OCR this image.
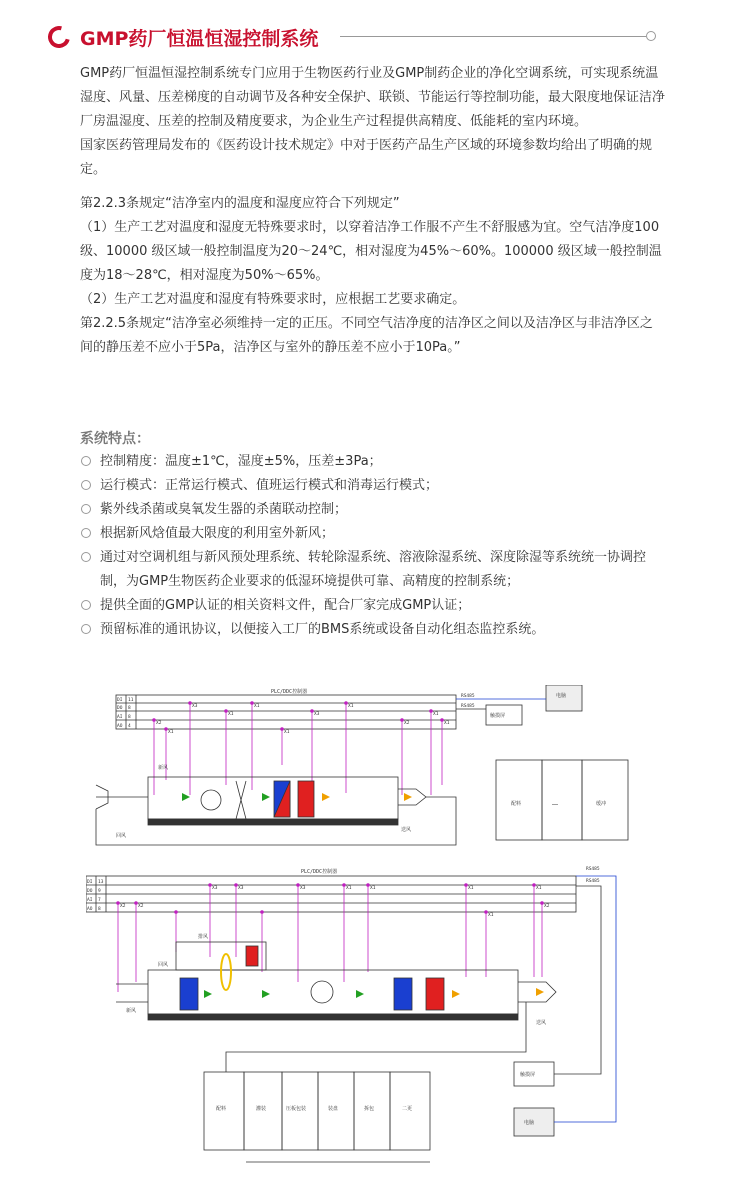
GMP药厂恒温恒湿控制系统

GMP药厂恒温恒湿控制系统专门应用于生物医药行业及GMP制药企业的净化空调系统，可实现系统温湿度、风量、压差梯度的自动调节及各种安全保护、联锁、节能运行等控制功能，最大限度地保证洁净厂房温湿度、压差的控制及精度要求，为企业生产过程提供高精度、低能耗的室内环境。

国家医药管理局发布的《医药设计技术规定》中对于医药产品生产区域的环境参数均给出了明确的规定。

第2.2.3条规定“洁净室内的温度和湿度应符合下列规定”

（1）生产工艺对温度和湿度无特殊要求时，以穿着洁净工作服不产生不舒服感为宜。空气洁净度100级、10000 级区域一般控制温度为20～24℃，相对湿度为45%～60%。100000 级区域一般控制温度为18～28℃，相对湿度为50%～65%。

（2）生产工艺对温度和湿度有特殊要求时，应根据工艺要求确定。

第2.2.5条规定“洁净室必须维持一定的正压。不同空气洁净度的洁净区之间以及洁净区与非洁净区之间的静压差不应小于5Pa，洁净区与室外的静压差不应小于10Pa。”

系统特点：
控制精度：温度±1℃，湿度±5%，压差±3Pa；
运行模式：正常运行模式、值班运行模式和消毒运行模式；
紫外线杀菌或臭氧发生器的杀菌联动控制；
根据新风焓值最大限度的利用室外新风；
通过对空调机组与新风预处理系统、转轮除湿系统、溶液除湿系统、深度除湿等系统统一协调控制，为GMP生物医药企业要求的低湿环境提供可靠、高精度的控制系统；
提供全面的GMP认证的相关资料文件，配合厂家完成GMP认证；
预留标准的通讯协议，以便接入工厂的BMS系统或设备自动化组态监控系统。
PLC/DDC控制器
DI 11
DO 8
AI 8
AO 4
X2
X1
X3
X1
X1
X3
X1
X2
X1
X1
X1
新风
回风
送风
配料	……	缓冲
触摸屏
电脑
RS485
RS485
PLC/DDC控制器
DI 13
DO 9
AI 7
AO 8
RS485
RS485
X2	X2
X3	X3	X3	X1	X1	X1	X1
X1
X2
排风
新风
回风
送风
配料	灌装	压板包装	装盘	拆包	二更
触摸屏
电脑
